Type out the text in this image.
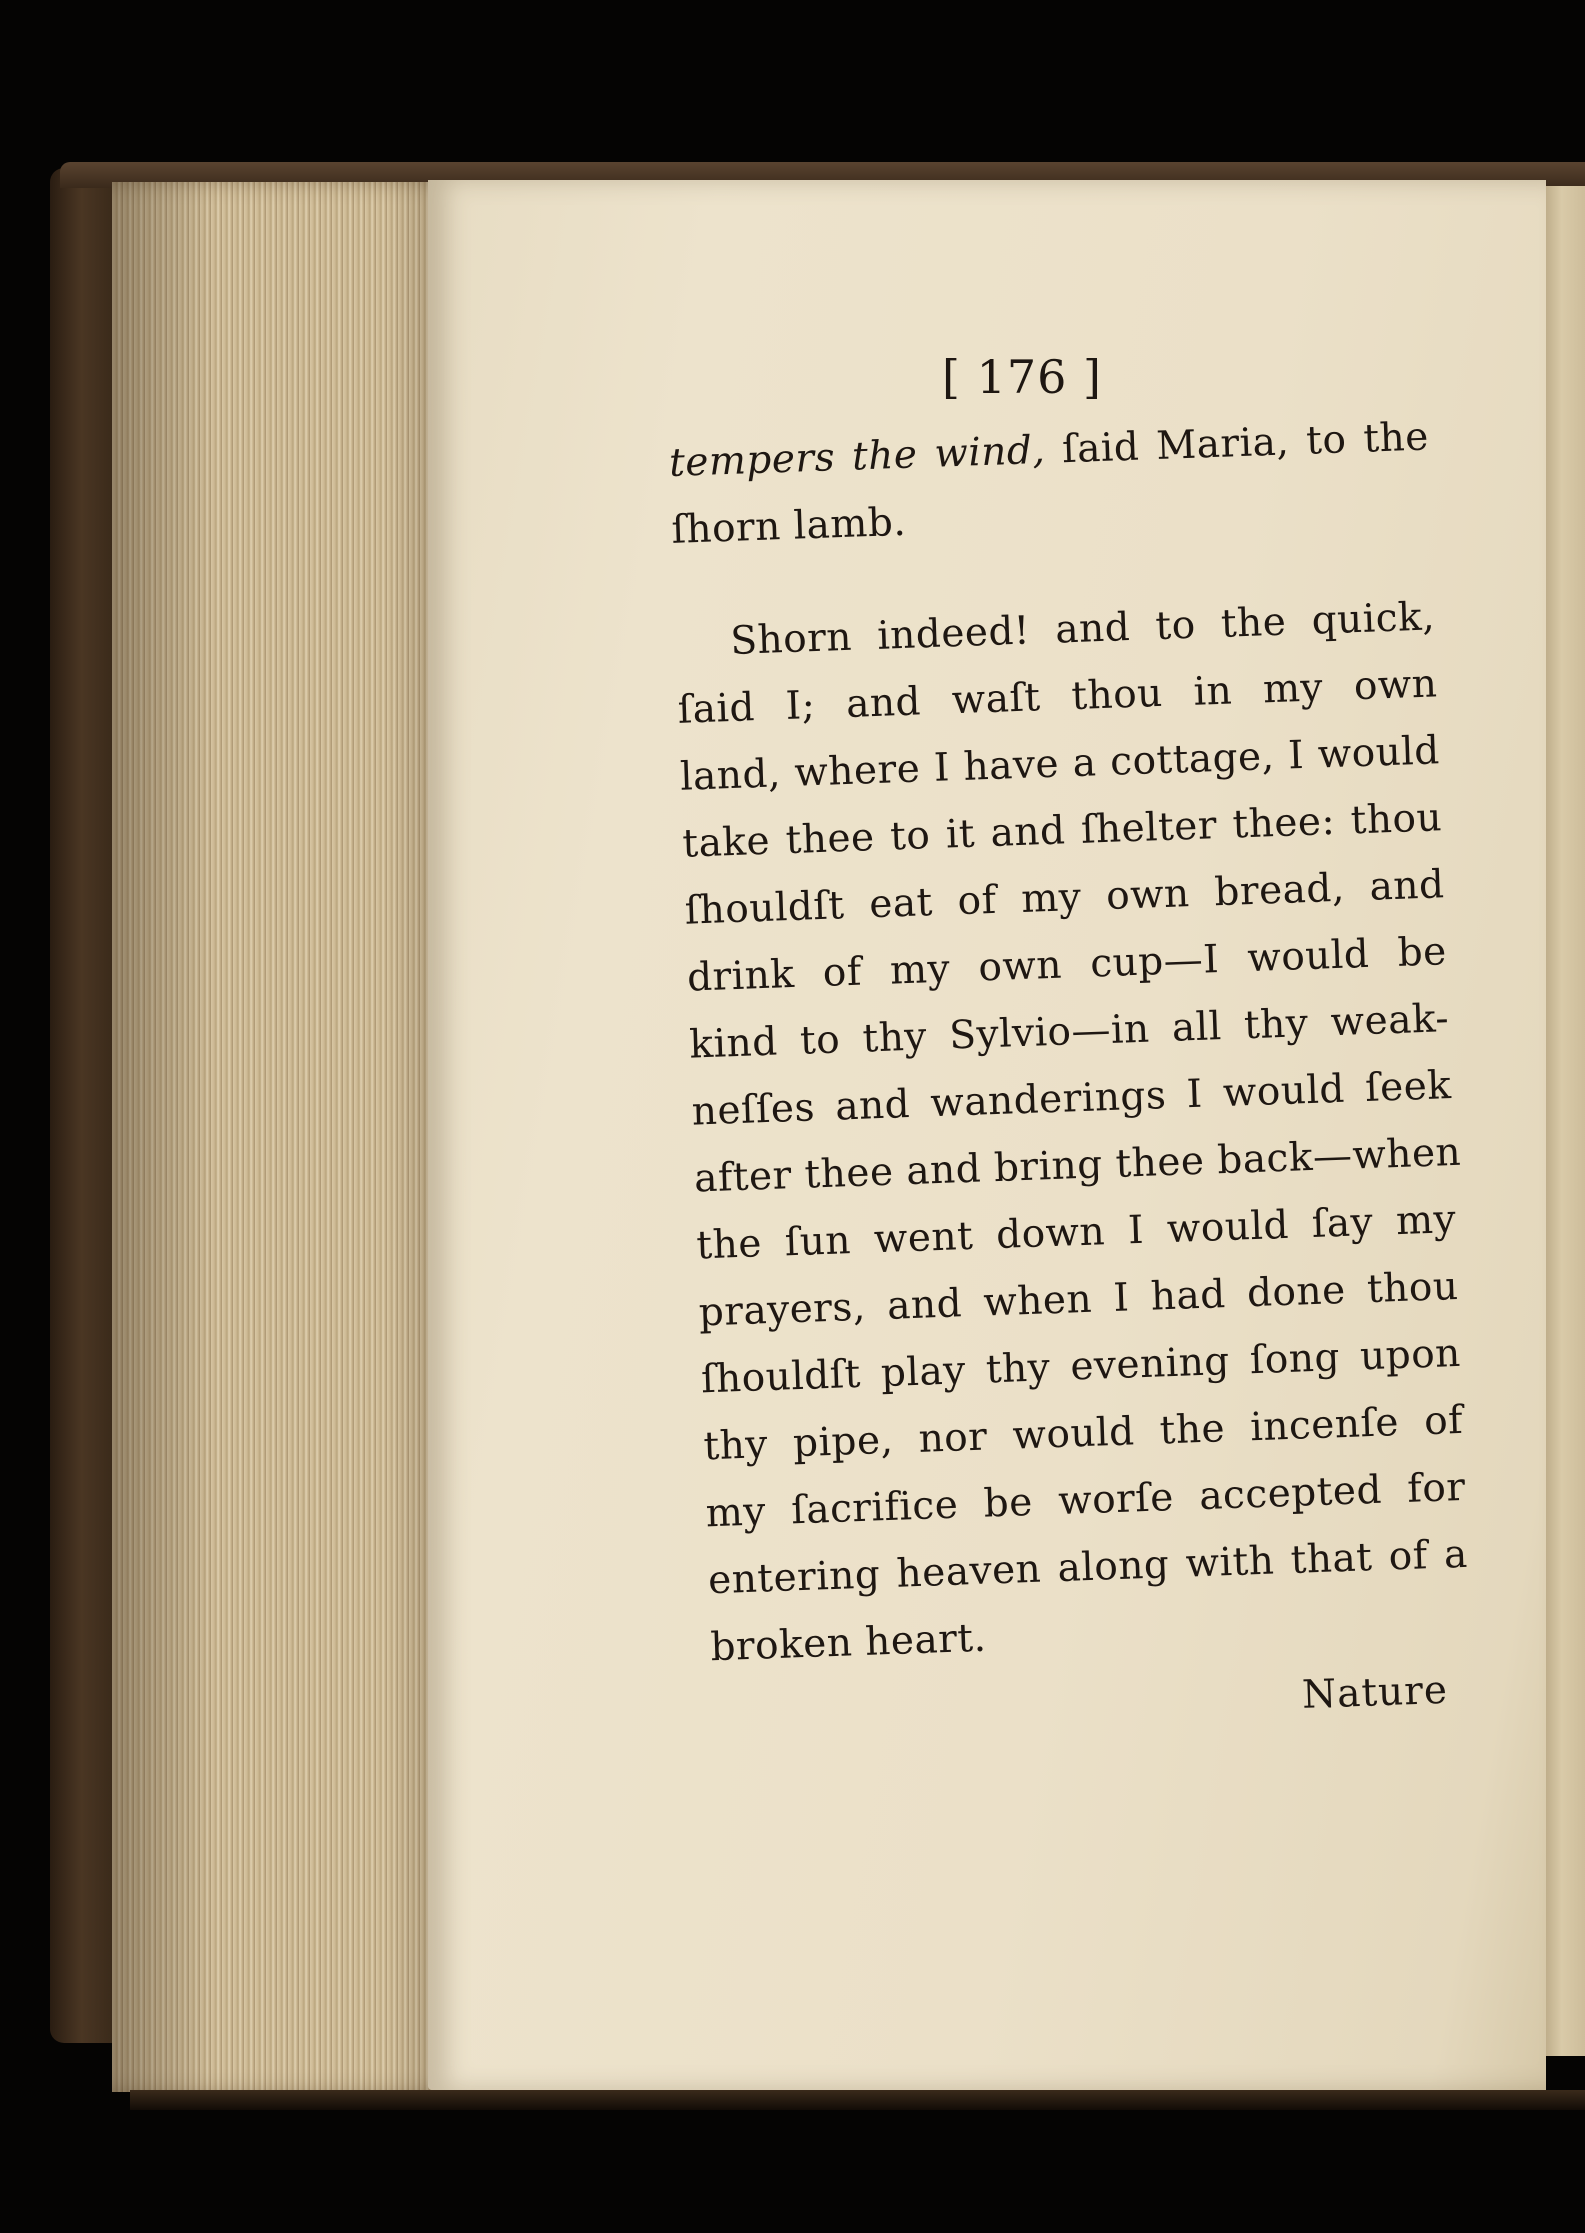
[ 176 ]
tempers the wind, ſaid Maria, to the
ſhorn lamb.
Shorn indeed! and to the quick,
ſaid I; and waſt thou in my own
land, where I have a cottage, I would
take thee to it and ſhelter thee: thou
ſhouldſt eat of my own bread, and
drink of my own cup—I would be
kind to thy Sylvio—in all thy weak-
neſſes and wanderings I would ſeek
after thee and bring thee back—when
the ſun went down I would ſay my
prayers, and when I had done thou
ſhouldſt play thy evening ſong upon
thy pipe, nor would the incenſe of
my ſacrifice be worſe accepted for
entering heaven along with that of a
broken heart.
Nature
